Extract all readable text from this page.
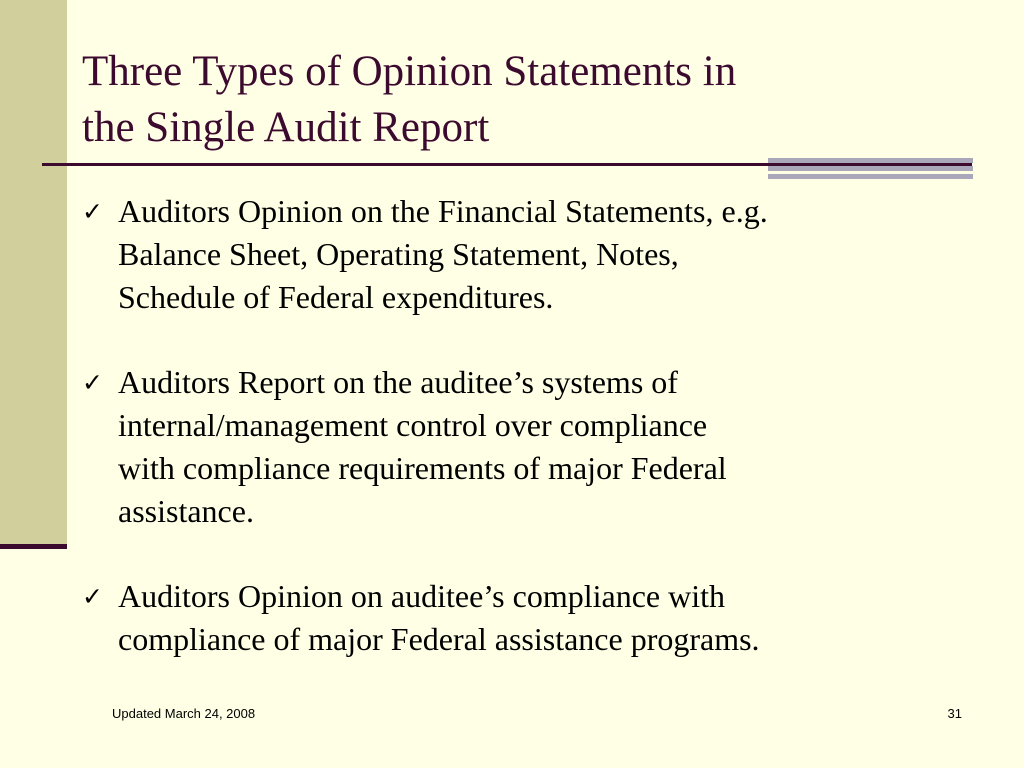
Three Types of Opinion Statements in
the Single Audit Report
✓ Auditors Opinion on the Financial Statements, e.g.
Balance Sheet, Operating Statement, Notes,
Schedule of Federal expenditures.
✓ Auditors Report on the auditee’s systems of
internal/management control over compliance
with compliance requirements of major Federal
assistance.
✓ Auditors Opinion on auditee’s compliance with
compliance of major Federal assistance programs.
Updated March 24, 2008	31
